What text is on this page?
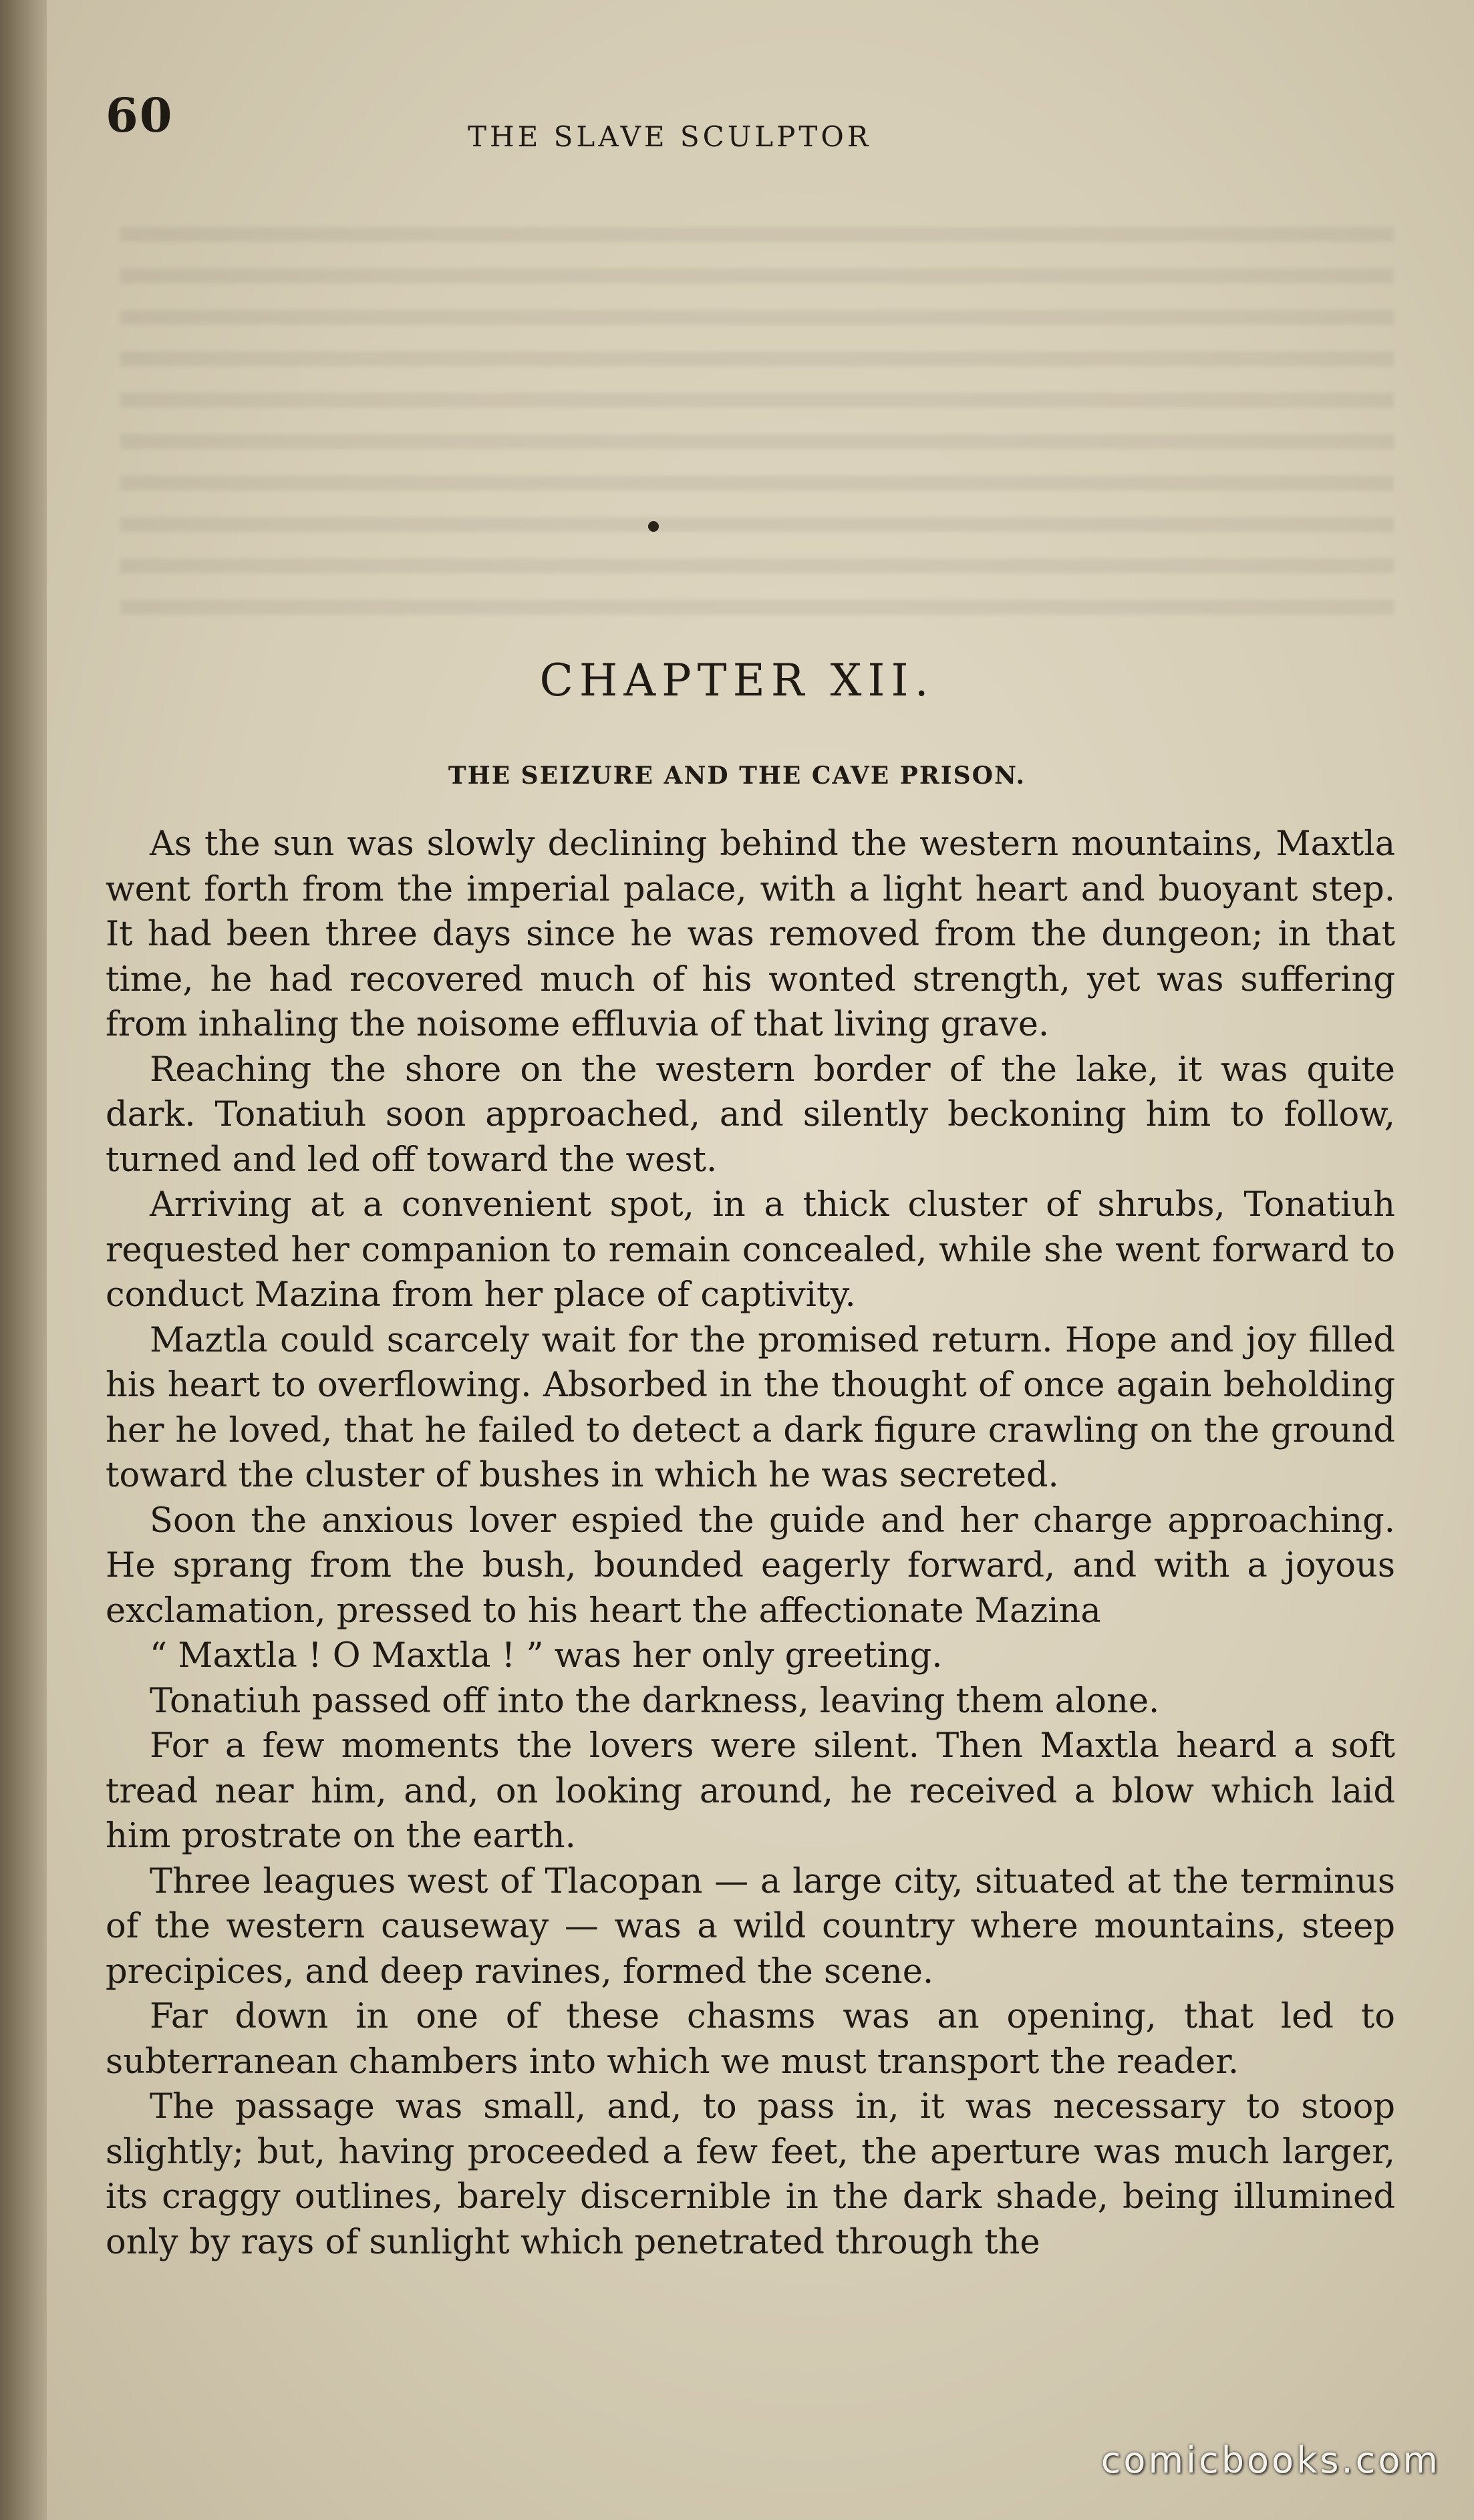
60	THE SLAVE SCULPTOR
CHAPTER XII.
THE SEIZURE AND THE CAVE PRISON.

As the sun was slowly declining behind the western mountains, Maxtla went forth from the imperial palace, with a light heart and buoyant step. It had been three days since he was removed from the dungeon; in that time, he had recovered much of his wonted strength, yet was suffering from inhaling the noisome effluvia of that living grave.

Reaching the shore on the western border of the lake, it was quite dark. Tonatiuh soon approached, and silently beckoning him to follow, turned and led off toward the west.

Arriving at a convenient spot, in a thick cluster of shrubs, Tonatiuh requested her companion to remain concealed, while she went forward to conduct Mazina from her place of captivity.

Maztla could scarcely wait for the promised return. Hope and joy filled his heart to overflowing. Absorbed in the thought of once again beholding her he loved, that he failed to detect a dark figure crawling on the ground toward the cluster of bushes in which he was secreted.

Soon the anxious lover espied the guide and her charge approaching. He sprang from the bush, bounded eagerly forward, and with a joyous exclamation, pressed to his heart the affectionate Mazina

“ Maxtla ! O Maxtla ! ” was her only greeting.

Tonatiuh passed off into the darkness, leaving them alone.

For a few moments the lovers were silent. Then Maxtla heard a soft tread near him, and, on looking around, he received a blow which laid him prostrate on the earth.

Three leagues west of Tlacopan — a large city, situated at the terminus of the western causeway — was a wild country where mountains, steep precipices, and deep ravines, formed the scene.

Far down in one of these chasms was an opening, that led to subterranean chambers into which we must transport the reader.

The passage was small, and, to pass in, it was necessary to stoop slightly; but, having proceeded a few feet, the aperture was much larger, its craggy outlines, barely discernible in the dark shade, being illumined only by rays of sunlight which penetrated through the

comicbooks.com
